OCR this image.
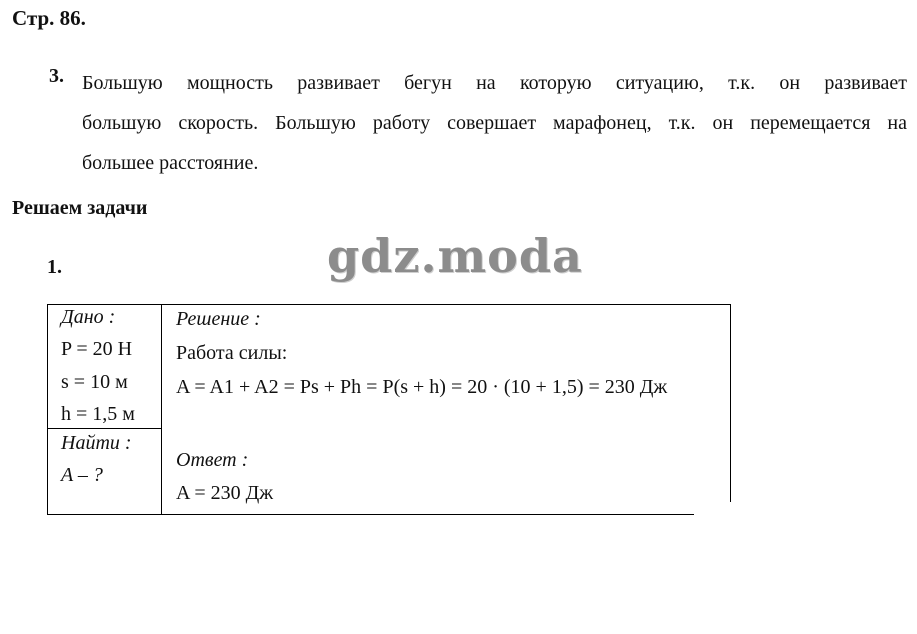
Стр. 86.
3. Большую мощность развивает бегун на которую ситуацию, т.к. он развивает
большую скорость. Большую работу совершает марафонец, т.к. он перемещается на
большее расстояние.
Решаем задачи
1.	gdz.moda
Дано :
P = 20 Н
s = 10 м
h = 1,5 м
Найти :
A – ?
Решение :
Работа силы:
A = A1 + A2 = Ps + Ph = P(s + h) = 20 · (10 + 1,5) = 230 Дж
Ответ :
A = 230 Дж
